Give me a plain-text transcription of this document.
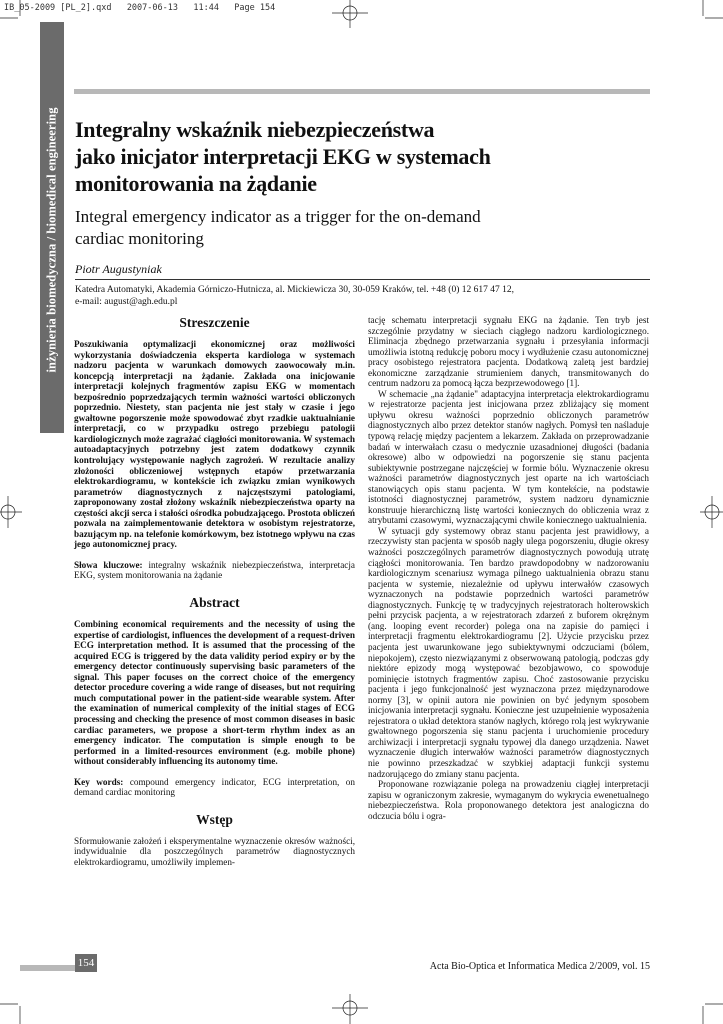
IB_05-2009 [PL_2].qxd   2007-06-13   11:44   Page 154
inżynieria biomedyczna / biomedical engineering Integralny wskaźnik niebezpieczeństwa
jako inicjator interpretacji EKG w systemach
monitorowania na żądanie
Integral emergency indicator as a trigger for the on-demand
cardiac monitoring
Piotr Augustyniak
Katedra Automatyki, Akademia Górniczo-Hutnicza, al. Mickiewicza 30, 30-059 Kraków, tel. +48 (0) 12 617 47 12,
e-mail: august@agh.edu.pl
Streszczenie

Poszukiwania optymalizacji ekonomicznej oraz możliwości wykorzystania doświadczenia eksperta kardiologa w systemach nadzoru pacjenta w warunkach domowych zaowocowały m.in. koncepcją interpretacji na żądanie. Zakłada ona inicjowanie interpretacji kolejnych fragmentów zapisu EKG w momentach bezpośrednio poprzedzających termin ważności wartości obliczonych poprzednio. Niestety, stan pacjenta nie jest stały w czasie i jego gwałtowne pogorszenie może spowodować zbyt rzadkie uaktualnianie interpretacji, co w przypadku ostrego przebiegu patologii kardiologicznych może zagrażać ciągłości monitorowania. W systemach autoadaptacyjnych potrzebny jest zatem dodatkowy czynnik kontrolujący występowanie nagłych zagrożeń. W rezultacie analizy złożoności obliczeniowej wstępnych etapów przetwarzania elektrokardiogramu, w kontekście ich związku zmian wynikowych parametrów diagnostycznych z najczęstszymi patologiami, zaproponowany został złożony wskaźnik niebezpieczeństwa oparty na częstości akcji serca i stałości ośrodka pobudzającego. Prostota obliczeń pozwala na zaimplementowanie detektora w osobistym rejestratorze, bazującym np. na telefonie komórkowym, bez istotnego wpływu na czas jego autonomicznej pracy.

Słowa kluczowe: integralny wskaźnik niebezpieczeństwa, interpretacja EKG, system monitorowania na żądanie

Abstract

Combining economical requirements and the necessity of using the expertise of cardiologist, influences the development of a request-driven ECG interpretation method. It is assumed that the processing of the acquired ECG is triggered by the data validity period expiry or by the emergency detector continuously supervising basic parameters of the signal. This paper focuses on the correct choice of the emergency detector procedure covering a wide range of diseases, but not requiring much computational power in the patient-side wearable system. After the examination of numerical complexity of the initial stages of ECG processing and checking the presence of most common diseases in basic cardiac parameters, we propose a short-term rhythm index as an emergency indicator. The computation is simple enough to be performed in a limited-resources environment (e.g. mobile phone) without considerably influencing its autonomy time.

Key words: compound emergency indicator, ECG interpretation, on demand cardiac monitoring

Wstęp

Sformułowanie założeń i eksperymentalne wyznaczenie okresów ważności, indywidualnie dla poszczególnych parametrów diagnostycznych elektrokardiogramu, umożliwiły implemen-

tację schematu interpretacji sygnału EKG na żądanie. Ten tryb jest szczególnie przydatny w sieciach ciągłego nadzoru kardiologicznego. Eliminacja zbędnego przetwarzania sygnału i przesyłania informacji umożliwia istotną redukcję poboru mocy i wydłużenie czasu autonomicznej pracy osobistego rejestratora pacjenta. Dodatkową zaletą jest bardziej ekonomiczne zarządzanie strumieniem danych, transmitowanych do centrum nadzoru za pomocą łącza bezprzewodowego [1].

W schemacie „na żądanie" adaptacyjna interpretacja elektrokardiogramu w rejestratorze pacjenta jest inicjowana przez zbliżający się moment upływu okresu ważności poprzednio obliczonych parametrów diagnostycznych albo przez detektor stanów nagłych. Pomysł ten naśladuje typową relację między pacjentem a lekarzem. Zakłada on przeprowadzanie badań w interwałach czasu o medycznie uzasadnionej długości (badania okresowe) albo w odpowiedzi na pogorszenie się stanu pacjenta subiektywnie postrzegane najczęściej w formie bólu. Wyznaczenie okresu ważności parametrów diagnostycznych jest oparte na ich wartościach stanowiących opis stanu pacjenta. W tym kontekście, na podstawie istotności diagnostycznej parametrów, system nadzoru dynamicznie konstruuje hierarchiczną listę wartości koniecznych do obliczenia wraz z atrybutami czasowymi, wyznaczającymi chwile koniecznego uaktualnienia.

W sytuacji gdy systemowy obraz stanu pacjenta jest prawidłowy, a rzeczywisty stan pacjenta w sposób nagły ulega pogorszeniu, długie okresy ważności poszczególnych parametrów diagnostycznych powodują utratę ciągłości monitorowania. Ten bardzo prawdopodobny w nadzorowaniu kardiologicznym scenariusz wymaga pilnego uaktualnienia obrazu stanu pacjenta w systemie, niezależnie od upływu interwałów czasowych wyznaczonych na podstawie poprzednich wartości parametrów diagnostycznych. Funkcję tę w tradycyjnych rejestratorach holterowskich pełni przycisk pacjenta, a w rejestratorach zdarzeń z buforem okrężnym (ang. looping event recorder) polega ona na zapisie do pamięci i interpretacji fragmentu elektrokardiogramu [2]. Użycie przycisku przez pacjenta jest uwarunkowane jego subiektywnymi odczuciami (bólem, niepokojem), często niezwiązanymi z obserwowaną patologią, podczas gdy niektóre epizody mogą występować bezobjawowo, co spowoduje pominięcie istotnych fragmentów zapisu. Choć zastosowanie przycisku pacjenta i jego funkcjonalność jest wyznaczona przez międzynarodowe normy [3], w opinii autora nie powinien on być jedynym sposobem inicjowania interpretacji sygnału. Konieczne jest uzupełnienie wyposażenia rejestratora o układ detektora stanów nagłych, którego rolą jest wykrywanie gwałtownego pogorszenia się stanu pacjenta i uruchomienie procedury archiwizacji i interpretacji sygnału typowej dla danego urządzenia. Nawet wyznaczenie długich interwałów ważności parametrów diagnostycznych nie powinno przeszkadzać w szybkiej adaptacji funkcji systemu nadzorującego do zmiany stanu pacjenta.

Proponowane rozwiązanie polega na prowadzeniu ciągłej interpretacji zapisu w ograniczonym zakresie, wymaganym do wykrycia ewenetualnego niebezpieczeństwa. Rola proponowanego detektora jest analogiczna do odczucia bólu i ogra-

154	Acta Bio-Optica et Informatica Medica 2/2009, vol. 15
